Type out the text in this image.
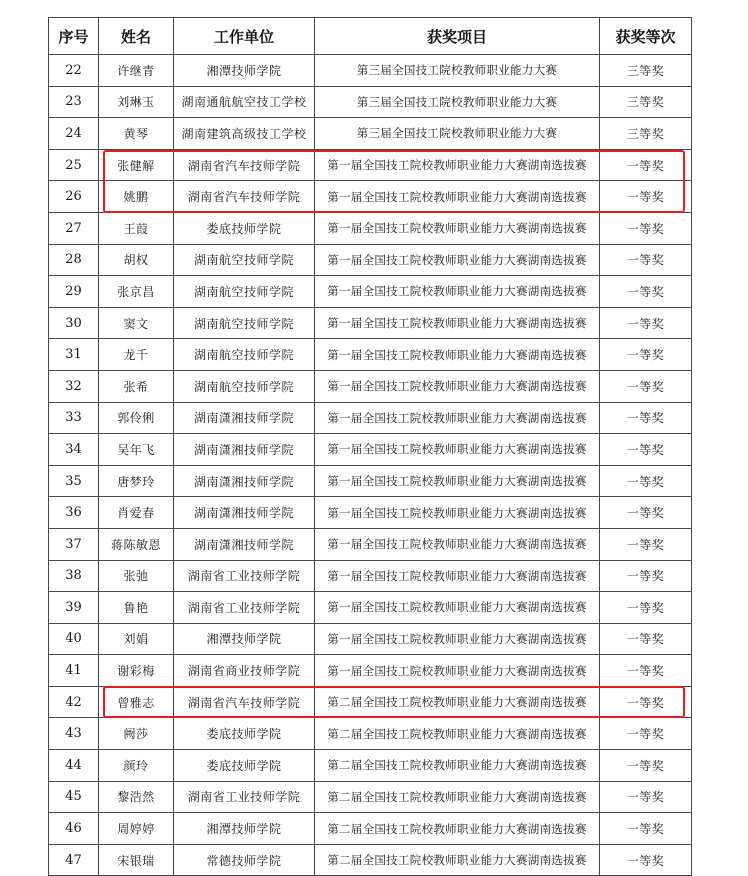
序号	姓名	工作单位	获奖项目	获奖等次
22	许继青	湘潭技师学院	第三届全国技工院校教师职业能力大赛	三等奖
23	刘琳玉	湖南通航航空技工学校	第三届全国技工院校教师职业能力大赛	三等奖
24	黄琴	湖南建筑高级技工学校	第三届全国技工院校教师职业能力大赛	三等奖
25	张健解	湖南省汽车技师学院	第一届全国技工院校教师职业能力大赛湖南选拔赛	一等奖
26	姚鹏	湖南省汽车技师学院	第一届全国技工院校教师职业能力大赛湖南选拔赛	一等奖
27	王葭	娄底技师学院	第一届全国技工院校教师职业能力大赛湖南选拔赛	一等奖
28	胡权	湖南航空技师学院	第一届全国技工院校教师职业能力大赛湖南选拔赛	一等奖
29	张京昌	湖南航空技师学院	第一届全国技工院校教师职业能力大赛湖南选拔赛	一等奖
30	窦文	湖南航空技师学院	第一届全国技工院校教师职业能力大赛湖南选拔赛	一等奖
31	龙千	湖南航空技师学院	第一届全国技工院校教师职业能力大赛湖南选拔赛	一等奖
32	张希	湖南航空技师学院	第一届全国技工院校教师职业能力大赛湖南选拔赛	一等奖
33	郭伶俐	湖南潇湘技师学院	第一届全国技工院校教师职业能力大赛湖南选拔赛	一等奖
34	吴年飞	湖南潇湘技师学院	第一届全国技工院校教师职业能力大赛湖南选拔赛	一等奖
35	唐梦玲	湖南潇湘技师学院	第一届全国技工院校教师职业能力大赛湖南选拔赛	一等奖
36	肖爱春	湖南潇湘技师学院	第一届全国技工院校教师职业能力大赛湖南选拔赛	一等奖
37	蒋陈敏恩	湖南潇湘技师学院	第一届全国技工院校教师职业能力大赛湖南选拔赛	一等奖
38	张弛	湖南省工业技师学院	第一届全国技工院校教师职业能力大赛湖南选拔赛	一等奖
39	鲁艳	湖南省工业技师学院	第一届全国技工院校教师职业能力大赛湖南选拔赛	一等奖
40	刘娟	湘潭技师学院	第一届全国技工院校教师职业能力大赛湖南选拔赛	一等奖
41	谢彩梅	湖南省商业技师学院	第一届全国技工院校教师职业能力大赛湖南选拔赛	一等奖
42	曾雅志	湖南省汽车技师学院	第二届全国技工院校教师职业能力大赛湖南选拔赛	一等奖
43	阙莎	娄底技师学院	第二届全国技工院校教师职业能力大赛湖南选拔赛	一等奖
44	颜玲	娄底技师学院	第二届全国技工院校教师职业能力大赛湖南选拔赛	一等奖
45	黎浩然	湖南省工业技师学院	第二届全国技工院校教师职业能力大赛湖南选拔赛	一等奖
46	周婷婷	湘潭技师学院	第二届全国技工院校教师职业能力大赛湖南选拔赛	一等奖
47	宋银瑞	常德技师学院	第二届全国技工院校教师职业能力大赛湖南选拔赛	一等奖
